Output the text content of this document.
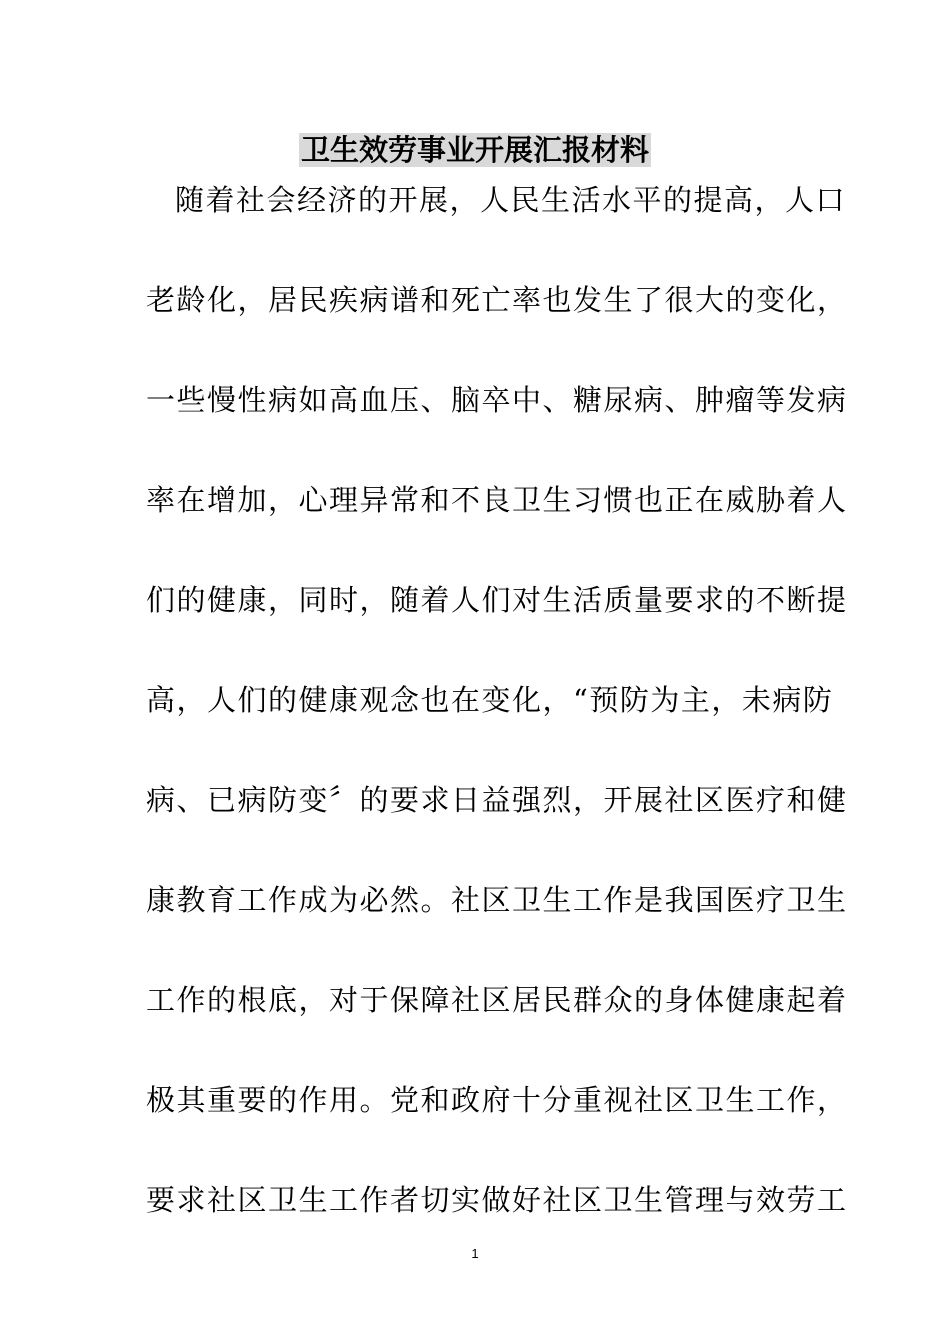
卫生效劳事业开展汇报材料
随着社会经济的开展，人民生活水平的提高，人口
老龄化，居民疾病谱和死亡率也发生了很大的变化，
一些慢性病如高血压、脑卒中、糖尿病、肿瘤等发病
率在增加，心理异常和不良卫生习惯也正在威胁着人
们的健康，同时，随着人们对生活质量要求的不断提
高，人们的健康观念也在变化，“预防为主，未病防
病、已病防变〞的要求日益强烈，开展社区医疗和健
康教育工作成为必然。社区卫生工作是我国医疗卫生
工作的根底，对于保障社区居民群众的身体健康起着
极其重要的作用。党和政府十分重视社区卫生工作，
要求社区卫生工作者切实做好社区卫生管理与效劳工
1
